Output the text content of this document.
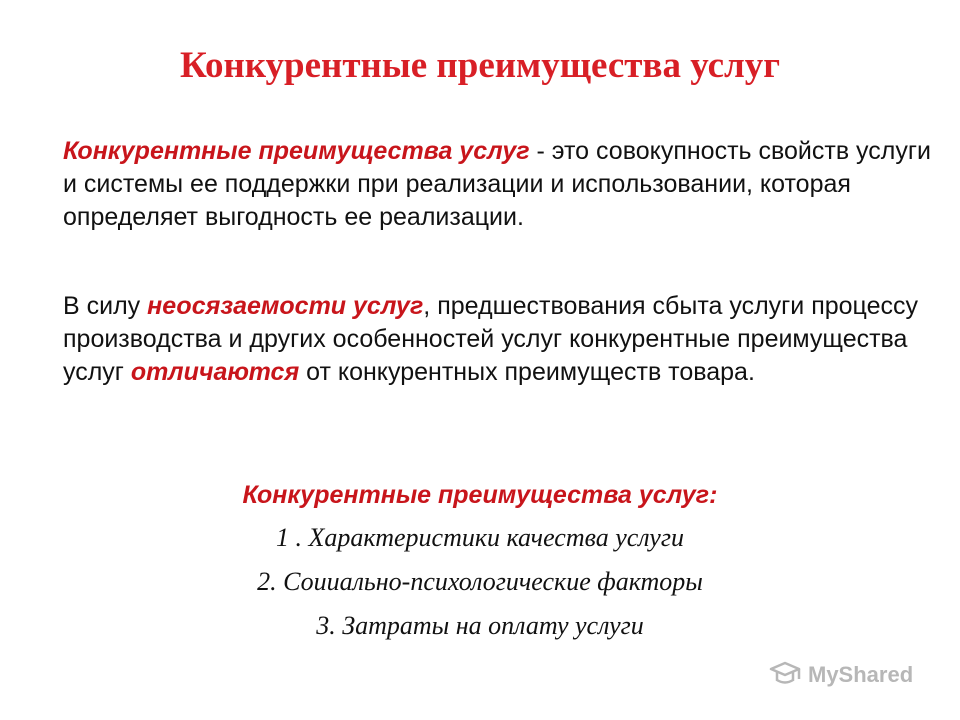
Конкурентные преимущества услуг
Конкурентные преимущества услуг - это совокупность свойств услуги и системы ее поддержки при реализации и использовании, которая определяет выгодность ее реализации.
В силу неосязаемости услуг, предшествования сбыта услуги процессу производства и других особенностей услуг конкурентные преимущества услуг отличаются от конкурентных преимуществ товара.
Конкурентные преимущества услуг:
1 . Характеристики качества услуги
2. Соииально-психологические факторы
3. Затраты на оплату услуги
MyShared
